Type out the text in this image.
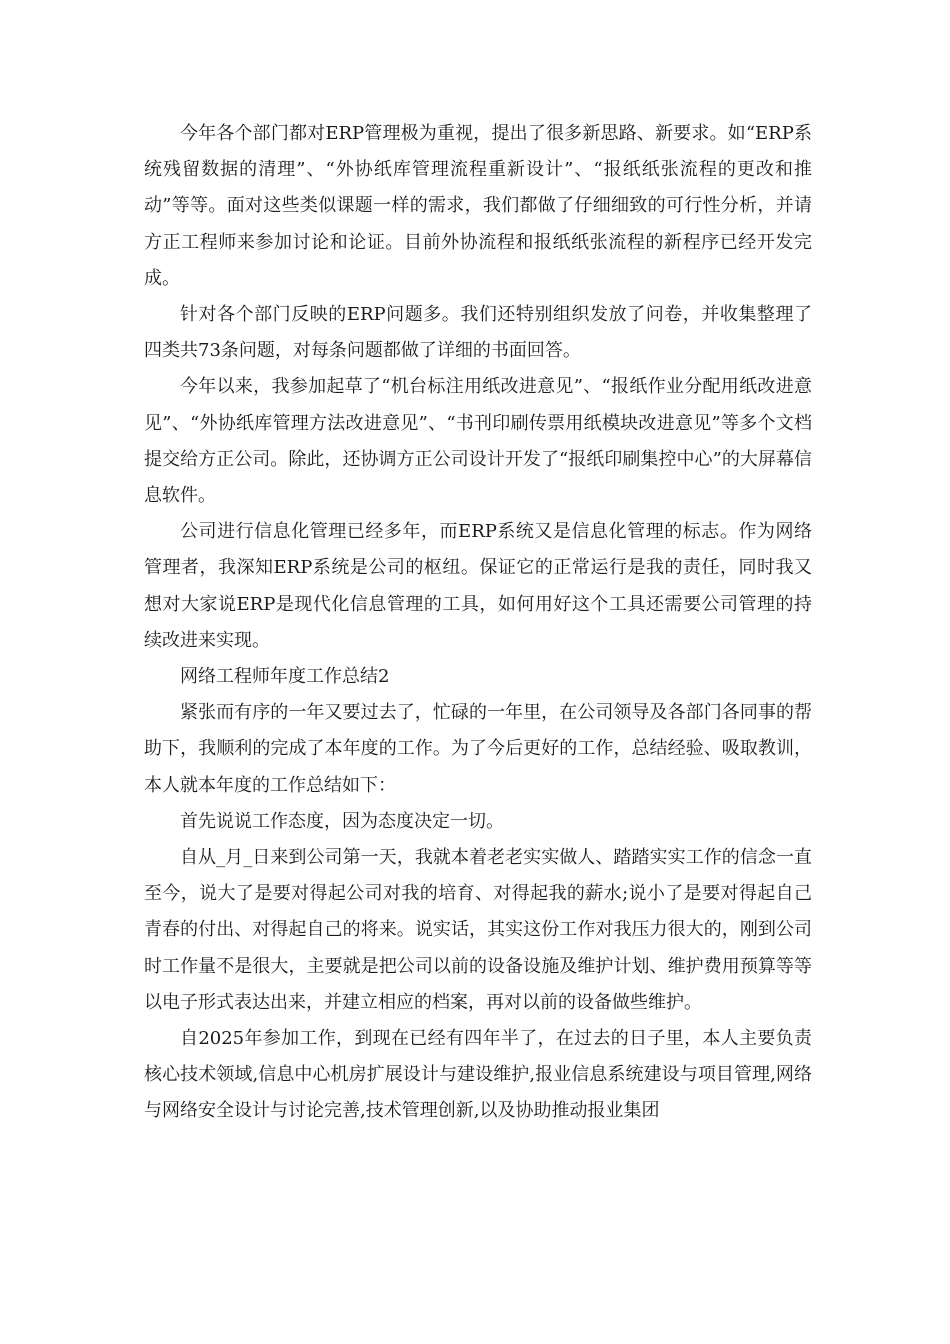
今年各个部门都对ERP管理极为重视，提出了很多新思路、新要求。如“ERP系统残留数据的清理”、“外协纸库管理流程重新设计”、“报纸纸张流程的更改和推动”等等。面对这些类似课题一样的需求，我们都做了仔细细致的可行性分析，并请方正工程师来参加讨论和论证。目前外协流程和报纸纸张流程的新程序已经开发完成。

针对各个部门反映的ERP问题多。我们还特别组织发放了问卷，并收集整理了四类共73条问题，对每条问题都做了详细的书面回答。

今年以来，我参加起草了“机台标注用纸改进意见”、“报纸作业分配用纸改进意见”、“外协纸库管理方法改进意见”、“书刊印刷传票用纸模块改进意见”等多个文档提交给方正公司。除此，还协调方正公司设计开发了“报纸印刷集控中心”的大屏幕信息软件。

公司进行信息化管理已经多年，而ERP系统又是信息化管理的标志。作为网络管理者，我深知ERP系统是公司的枢纽。保证它的正常运行是我的责任，同时我又想对大家说ERP是现代化信息管理的工具，如何用好这个工具还需要公司管理的持续改进来实现。

网络工程师年度工作总结2

紧张而有序的一年又要过去了，忙碌的一年里，在公司领导及各部门各同事的帮助下，我顺利的完成了本年度的工作。为了今后更好的工作，总结经验、吸取教训，本人就本年度的工作总结如下：

首先说说工作态度，因为态度决定一切。

自从_月_日来到公司第一天，我就本着老老实实做人、踏踏实实工作的信念一直至今，说大了是要对得起公司对我的培育、对得起我的薪水;说小了是要对得起自己青春的付出、对得起自己的将来。说实话，其实这份工作对我压力很大的，刚到公司时工作量不是很大，主要就是把公司以前的设备设施及维护计划、维护费用预算等等以电子形式表达出来，并建立相应的档案，再对以前的设备做些维护。

自2025年参加工作，到现在已经有四年半了，在过去的日子里，本人主要负责核心技术领域,信息中心机房扩展设计与建设维护,报业信息系统建设与项目管理,网络与网络安全设计与讨论完善,技术管理创新,以及协助推动报业集团
